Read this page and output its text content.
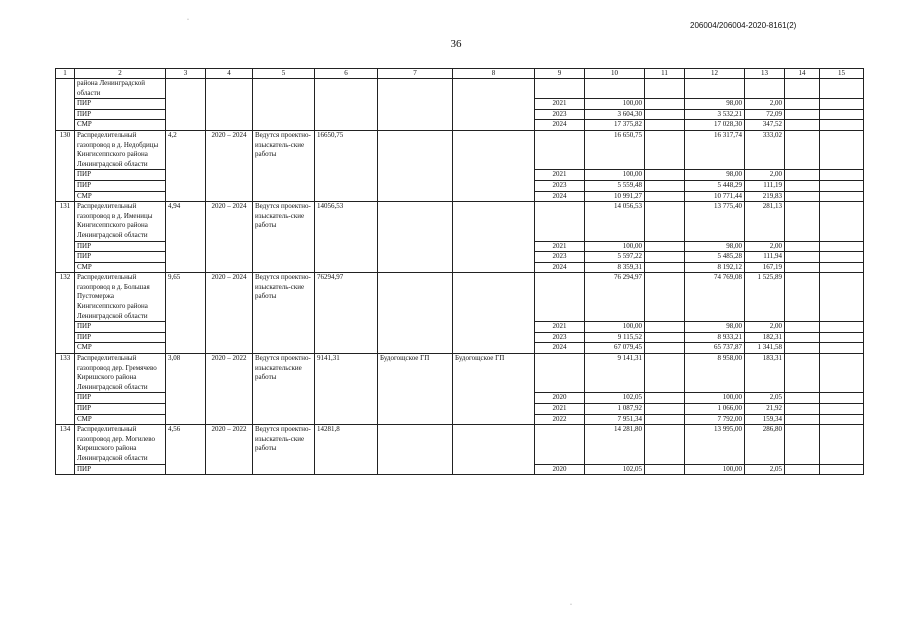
·
206004/206004-2020-8161(2)
36
1	2	3	4	5	6	7	8	9	10	11	12	13	14	15
	района Ленинградской области													
	ПИР							2021	100,00		98,00	2,00		
	ПИР							2023	3 604,30		3 532,21	72,09		
	СМР							2024	17 375,82		17 028,30	347,52		
130	Распределительный газопровод в д. Недобдицы Кингисеппского района Ленинградской области	4,2	2020 – 2024	Ведутся проектно-изыскатель-ские работы	16650,75				16 650,75		16 317,74	333,02		
	ПИР							2021	100,00		98,00	2,00		
	ПИР							2023	5 559,48		5 448,29	111,19		
	СМР							2024	10 991,27		10 771,44	219,83		
131	Распределительный газопровод в д. Именицы Кингисеппского района Ленинградской области	4,94	2020 – 2024	Ведутся проектно-изыскатель-ские работы	14056,53				14 056,53		13 775,40	281,13		
	ПИР							2021	100,00		98,00	2,00		
	ПИР							2023	5 597,22		5 485,28	111,94		
	СМР							2024	8 359,31		8 192,12	167,19		
132	Распределительный газопровод в д. Большая Пустомержа Кингисеппского района Ленинградской области	9,65	2020 – 2024	Ведутся проектно-изыскатель-ские работы	76294,97				76 294,97		74 769,08	1 525,89		
	ПИР							2021	100,00		98,00	2,00		
	ПИР							2023	9 115,52		8 933,21	182,31		
	СМР							2024	67 079,45		65 737,87	1 341,58		
133	Распределительный газопровод дер. Гремячево Киришского района Ленинградской области	3,08	2020 – 2022	Ведутся проектно-изыскательские работы	9141,31	Будогощское ГП	Будогощское ГП		9 141,31		8 958,00	183,31		
	ПИР							2020	102,05		100,00	2,05		
	ПИР							2021	1 087,92		1 066,00	21,92		
	СМР							2022	7 951,34		7 792,00	159,34		
134	Распределительный газопровод дер. Могилево Киришского района Ленинградской области	4,56	2020 – 2022	Ведутся проектно-изыскатель-ские работы	14281,8				14 281,80		13 995,00	286,80		
	ПИР							2020	102,05		100,00	2,05		
·
